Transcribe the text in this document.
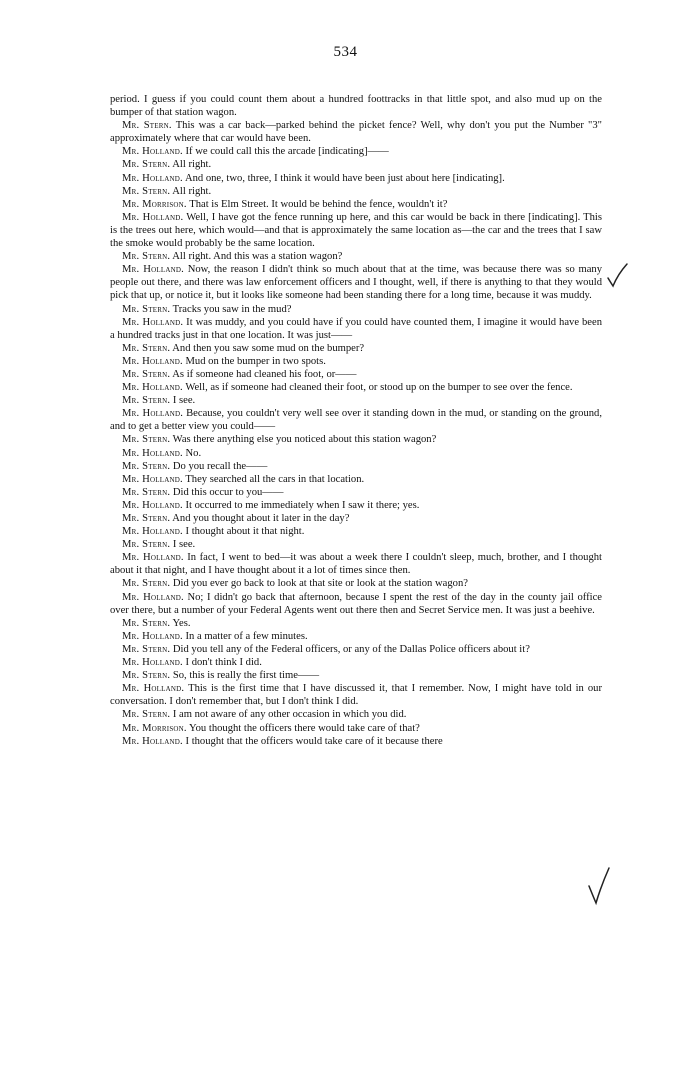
534

period. I guess if you could count them about a hundred foottracks in that little spot, and also mud up on the bumper of that station wagon.

Mr. Stern. This was a car back—parked behind the picket fence? Well, why don't you put the Number "3" approximately where that car would have been.

Mr. Holland. If we could call this the arcade [indicating]——

Mr. Stern. All right.

Mr. Holland. And one, two, three, I think it would have been just about here [indicating].

Mr. Stern. All right.

Mr. Morrison. That is Elm Street. It would be behind the fence, wouldn't it?

Mr. Holland. Well, I have got the fence running up here, and this car would be back in there [indicating]. This is the trees out here, which would—and that is approximately the same location as—the car and the trees that I saw the smoke would probably be the same location.

Mr. Stern. All right. And this was a station wagon?

Mr. Holland. Now, the reason I didn't think so much about that at the time, was because there was so many people out there, and there was law enforcement officers and I thought, well, if there is anything to that they would pick that up, or notice it, but it looks like someone had been standing there for a long time, because it was muddy.

Mr. Stern. Tracks you saw in the mud?

Mr. Holland. It was muddy, and you could have if you could have counted them, I imagine it would have been a hundred tracks just in that one location. It was just——

Mr. Stern. And then you saw some mud on the bumper?

Mr. Holland. Mud on the bumper in two spots.

Mr. Stern. As if someone had cleaned his foot, or——

Mr. Holland. Well, as if someone had cleaned their foot, or stood up on the bumper to see over the fence.

Mr. Stern. I see.

Mr. Holland. Because, you couldn't very well see over it standing down in the mud, or standing on the ground, and to get a better view you could——

Mr. Stern. Was there anything else you noticed about this station wagon?

Mr. Holland. No.

Mr. Stern. Do you recall the——

Mr. Holland. They searched all the cars in that location.

Mr. Stern. Did this occur to you——

Mr. Holland. It occurred to me immediately when I saw it there; yes.

Mr. Stern. And you thought about it later in the day?

Mr. Holland. I thought about it that night.

Mr. Stern. I see.

Mr. Holland. In fact, I went to bed—it was about a week there I couldn't sleep, much, brother, and I thought about it that night, and I have thought about it a lot of times since then.

Mr. Stern. Did you ever go back to look at that site or look at the station wagon?

Mr. Holland. No; I didn't go back that afternoon, because I spent the rest of the day in the county jail office over there, but a number of your Federal Agents went out there then and Secret Service men. It was just a beehive.

Mr. Stern. Yes.

Mr. Holland. In a matter of a few minutes.

Mr. Stern. Did you tell any of the Federal officers, or any of the Dallas Police officers about it?

Mr. Holland. I don't think I did.

Mr. Stern. So, this is really the first time——

Mr. Holland. This is the first time that I have discussed it, that I remember. Now, I might have told in our conversation. I don't remember that, but I don't think I did.

Mr. Stern. I am not aware of any other occasion in which you did.

Mr. Morrison. You thought the officers there would take care of that?

Mr. Holland. I thought that the officers would take care of it because there
